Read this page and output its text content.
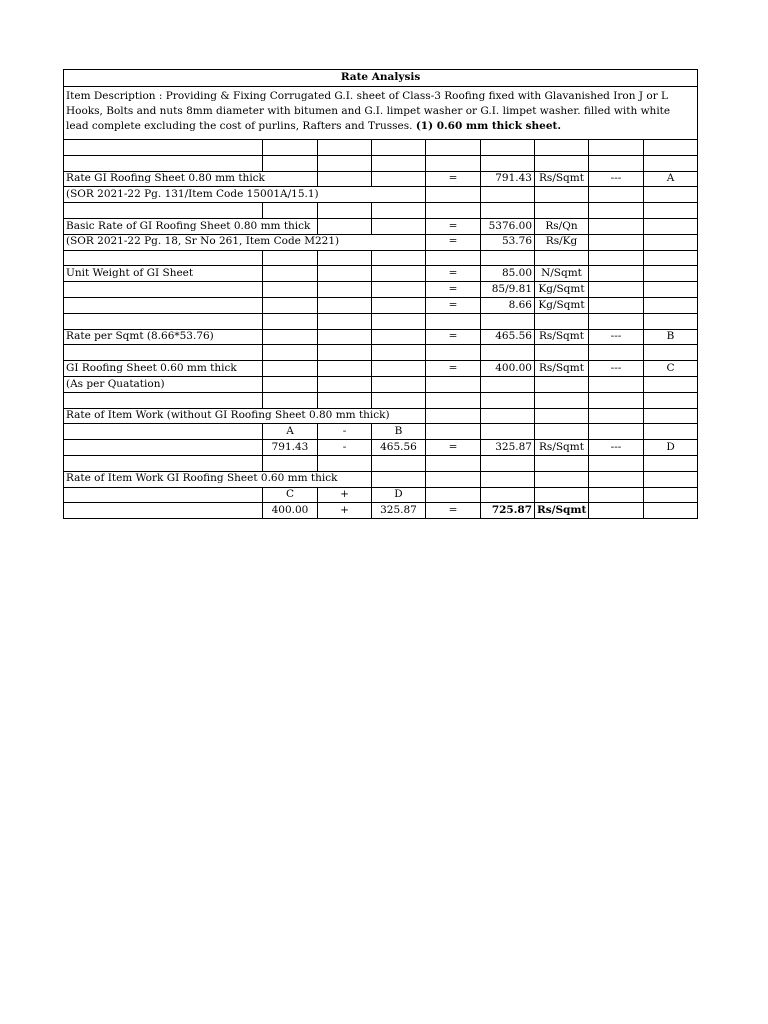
Rate Analysis								
Item Description : Providing & Fixing Corrugated G.I. sheet of Class-3 Roofing fixed with Glavanished Iron J or L Hooks, Bolts and nuts 8mm diameter with bitumen and G.I. limpet washer or G.I. limpet washer. filled with white lead complete excluding the cost of purlins, Rafters and Trusses. (1) 0.60 mm thick sheet.								

Rate GI Roofing Sheet 0.80 mm thick				=	791.43	Rs/Sqmt	---	A
(SOR 2021-22 Pg. 131/Item Code 15001A/15.1)								

Basic Rate of GI Roofing Sheet 0.80 mm thick				=	5376.00	Rs/Qn		
(SOR 2021-22 Pg. 18, Sr No 261, Item Code M221)				=	53.76	Rs/Kg		

Unit Weight of GI Sheet				=	85.00	N/Sqmt		
				=	85/9.81	Kg/Sqmt		
				=	8.66	Kg/Sqmt		

Rate per Sqmt (8.66*53.76)				=	465.56	Rs/Sqmt	---	B

GI Roofing Sheet 0.60 mm thick				=	400.00	Rs/Sqmt	---	C
(As per Quatation)								

Rate of Item Work (without GI Roofing Sheet 0.80 mm thick)								
	A	-	B					
	791.43	-	465.56	=	325.87	Rs/Sqmt	---	D

Rate of Item Work GI Roofing Sheet 0.60 mm thick								
	C	+	D					
	400.00	+	325.87	=	725.87	Rs/Sqmt		
